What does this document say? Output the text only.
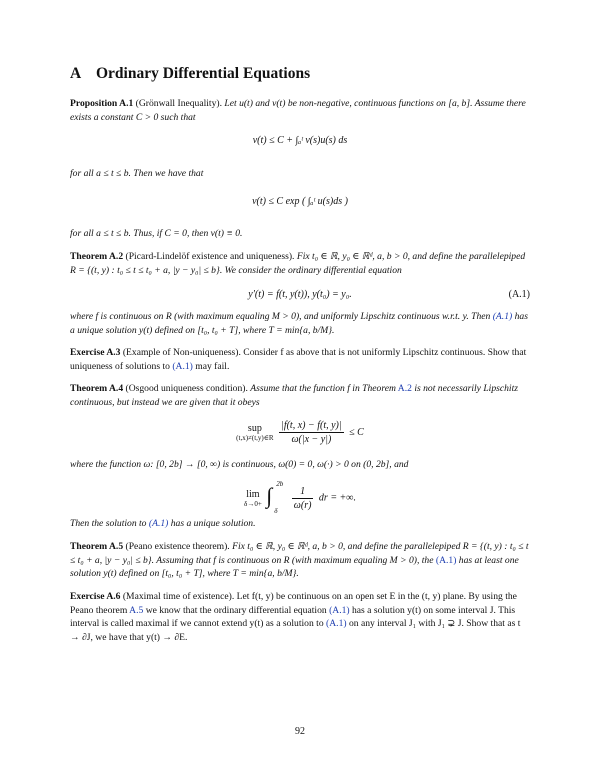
A Ordinary Differential Equations

Proposition A.1 (Grönwall Inequality). Let u(t) and v(t) be non-negative, continuous functions on [a, b]. Assume there exists a constant C > 0 such that

v(t) ≤ C + ∫ₐᵗ v(s)u(s) ds

for all a ≤ t ≤ b. Then we have that

v(t) ≤ C exp ( ∫ₐᵗ u(s)ds )

for all a ≤ t ≤ b. Thus, if C = 0, then v(t) ≡ 0.

Theorem A.2 (Picard-Lindelöf existence and uniqueness). Fix t₀ ∈ ℝ, y₀ ∈ ℝᵈ, a, b > 0, and define the parallelepiped R = {(t, y) : t₀ ≤ t ≤ t₀ + a, |y − y₀| ≤ b}. We consider the ordinary differential equation

y′(t) = f(t, y(t)), y(t₀) = y₀.	(A.1)

where f is continuous on R (with maximum equaling M > 0), and uniformly Lipschitz continuous w.r.t. y. Then (A.1) has a unique solution y(t) defined on [t₀, t₀ + T], where T = min{a, b/M}.

Exercise A.3 (Example of Non-uniqueness). Consider f as above that is not uniformly Lipschitz continuous. Show that uniqueness of solutions to (A.1) may fail.

Theorem A.4 (Osgood uniqueness condition). Assume that the function f in Theorem A.2 is not necessarily Lipschitz continuous, but instead we are given that it obeys

sup
(t,x)≠(t,y)∈R
$\frac{|f(t, x) - f(t, y)|}{\omega(|x - y|)} \le C$

where the function ω: [0, 2b] → [0, ∞) is continuous, ω(0) = 0, ω(·) > 0 on (0, 2b], and

lim
δ→0+

2b
∫
δ

$\frac{1}{\omega(r)}$ dr = +∞.

Then the solution to (A.1) has a unique solution.

Theorem A.5 (Peano existence theorem). Fix t₀ ∈ ℝ, y₀ ∈ ℝᵈ, a, b > 0, and define the parallelepiped R = {(t, y) : t₀ ≤ t ≤ t₀ + a, |y − y₀| ≤ b}. Assuming that f is continuous on R (with maximum equaling M > 0), the (A.1) has at least one solution y(t) defined on [t₀, t₀ + T], where T = min{a, b/M}.

Exercise A.6 (Maximal time of existence). Let f(t, y) be continuous on an open set E in the (t, y) plane. By using the Peano theorem A.5 we know that the ordinary differential equation (A.1) has a solution y(t) on some interval J. This interval is called maximal if we cannot extend y(t) as a solution to (A.1) on any interval J₁ with J₁ ⊋ J. Show that as t → ∂J, we have that y(t) → ∂E.

92
